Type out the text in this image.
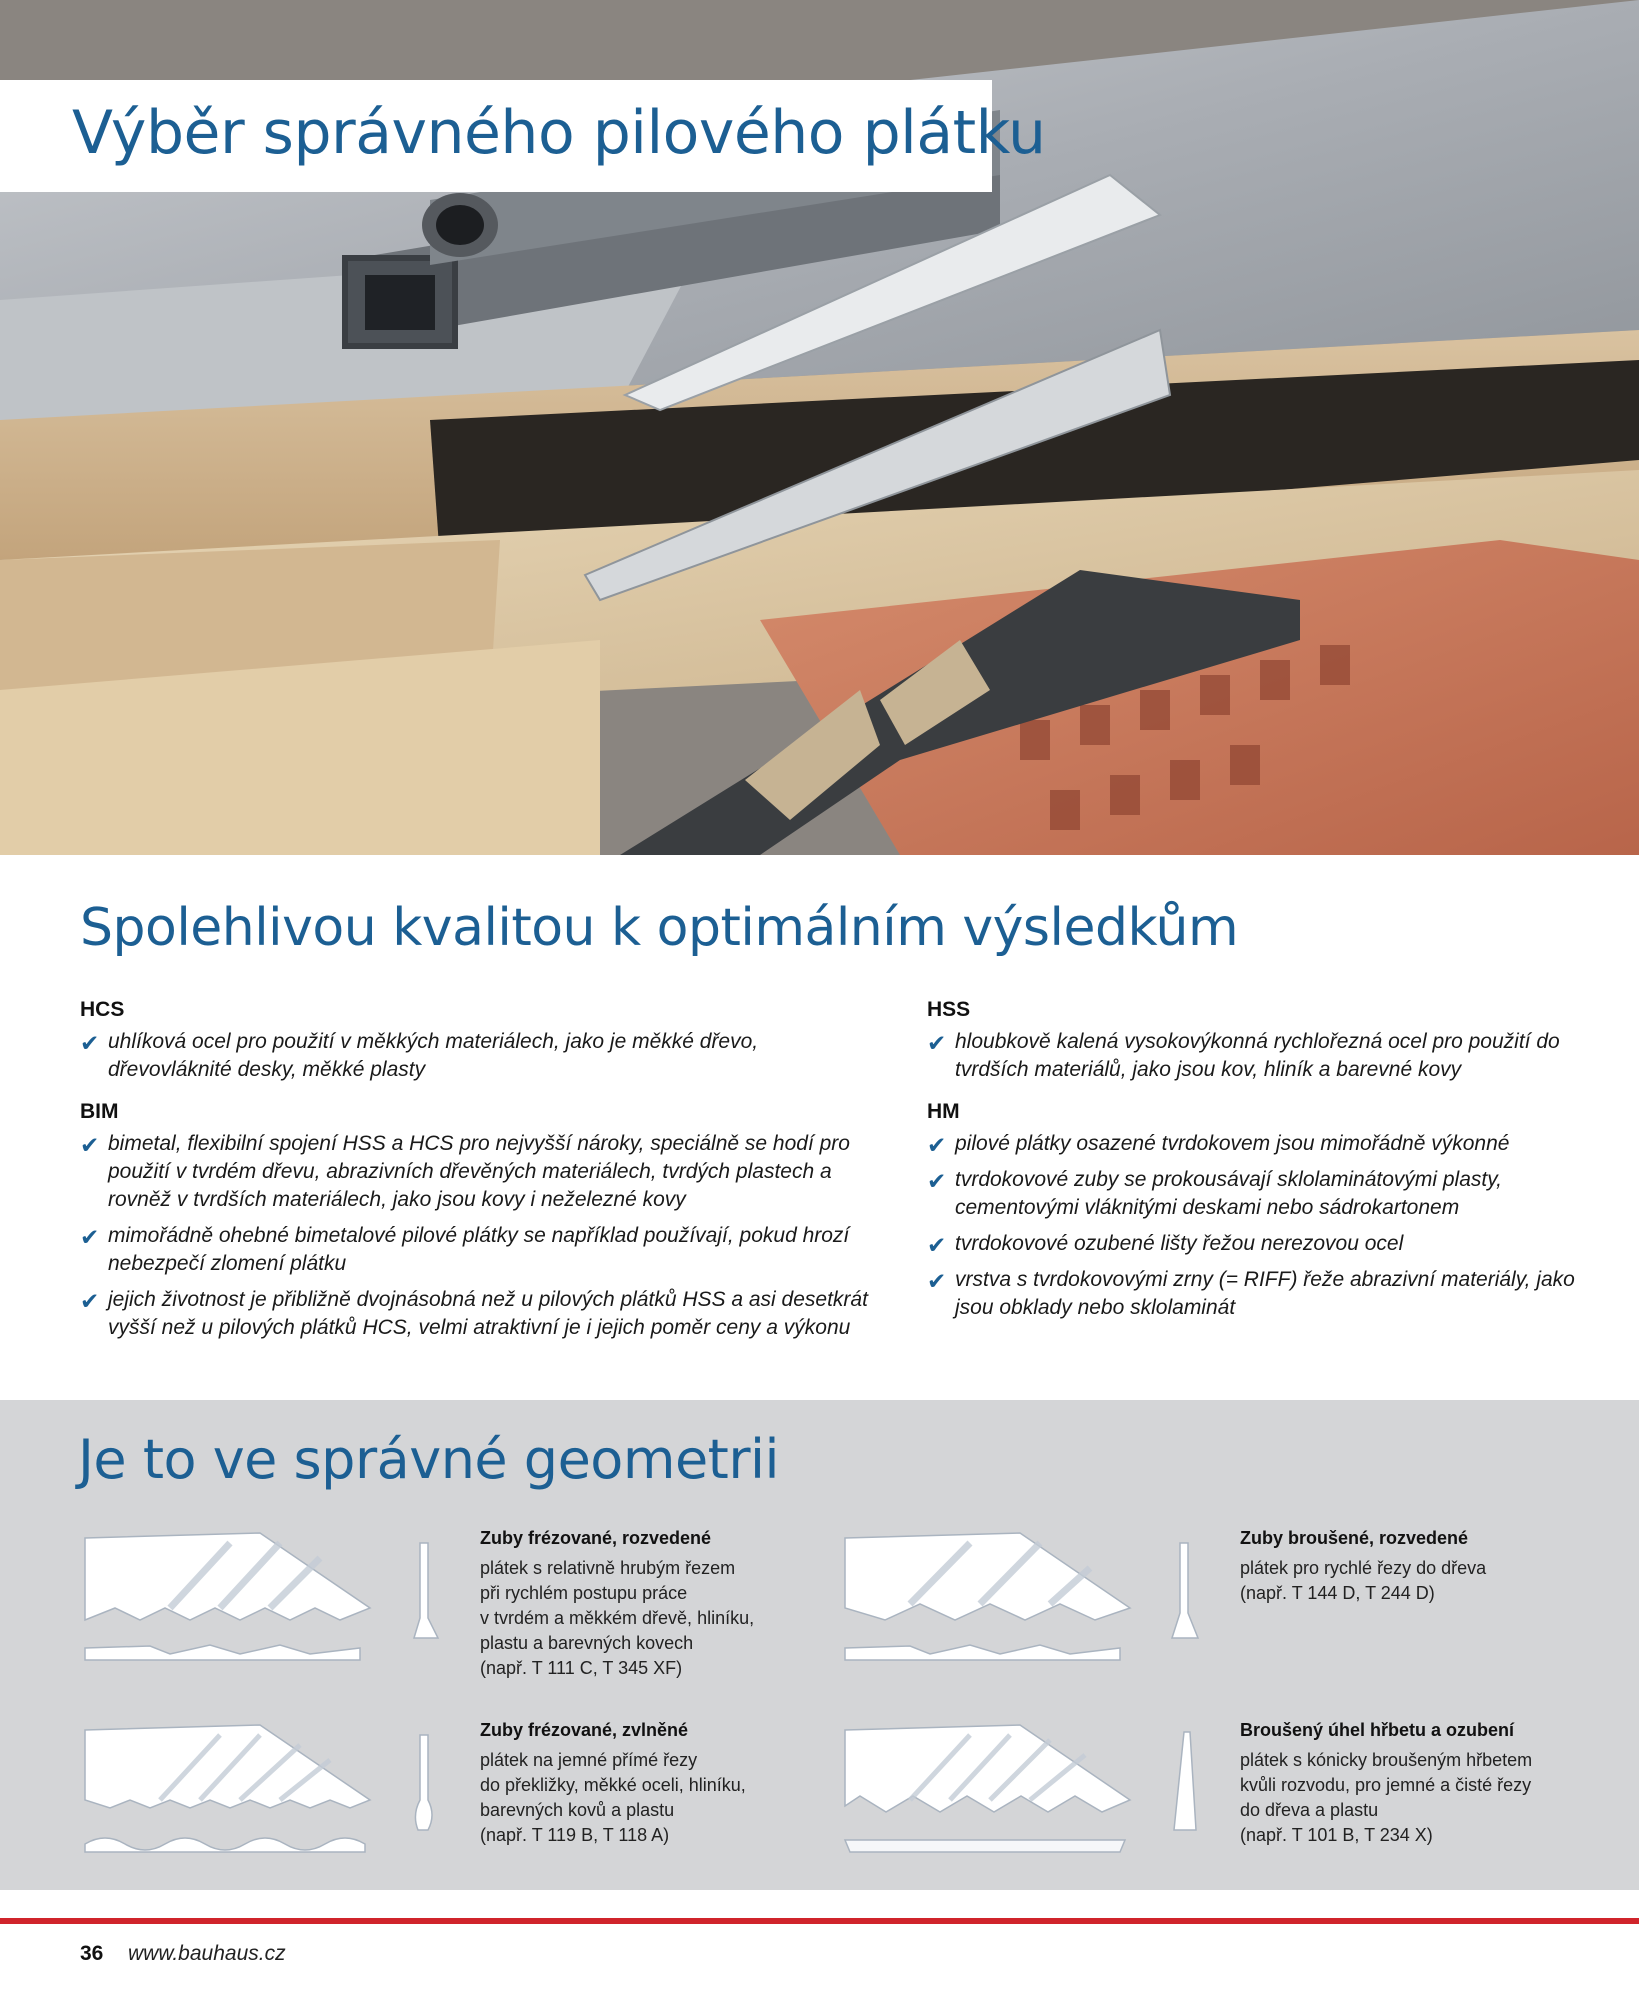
Výběr správného pilového plátku
Spolehlivou kvalitou k optimálním výsledkům
HCS
✔ uhlíková ocel pro použití v měkkých materiálech, jako je měkké dřevo, dřevovláknité desky, měkké plasty
BIM
✔ bimetal, flexibilní spojení HSS a HCS pro nejvyšší nároky, speciálně se hodí pro použití v tvrdém dřevu, abrazivních dřevěných materiálech, tvrdých plastech a rovněž v tvrdších materiálech, jako jsou kovy i neželezné kovy
✔ mimořádně ohebné bimetalové pilové plátky se například používají, pokud hrozí nebezpečí zlomení plátku
✔ jejich životnost je přibližně dvojnásobná než u pilových plátků HSS a asi desetkrát vyšší než u pilových plátků HCS, velmi atraktivní je i jejich poměr ceny a výkonu
HSS
✔ hloubkově kalená vysokovýkonná rychlořezná ocel pro použití do tvrdších materiálů, jako jsou kov, hliník a barevné kovy
HM
✔ pilové plátky osazené tvrdokovem jsou mimořádně výkonné
✔ tvrdokovové zuby se prokousávají sklolaminátovými plasty, cementovými vláknitými deskami nebo sádrokartonem
✔ tvrdokovové ozubené lišty řežou nerezovou ocel
✔ vrstva s tvrdokovovými zrny (= RIFF) řeže abrazivní materiály, jako jsou obklady nebo sklolaminát
Je to ve správné geometrii
Zuby frézované, rozvedené
plátek s relativně hrubým řezem
při rychlém postupu práce
v tvrdém a měkkém dřevě, hliníku,
plastu a barevných kovech
(např. T 111 C, T 345 XF)
Zuby broušené, rozvedené
plátek pro rychlé řezy do dřeva
(např. T 144 D, T 244 D)
Zuby frézované, zvlněné
plátek na jemné přímé řezy
do překližky, měkké oceli, hliníku,
barevných kovů a plastu
(např. T 119 B, T 118 A)
Broušený úhel hřbetu a ozubení
plátek s kónicky broušeným hřbetem
kvůli rozvodu, pro jemné a čisté řezy
do dřeva a plastu
(např. T 101 B, T 234 X)
36 www.bauhaus.cz
